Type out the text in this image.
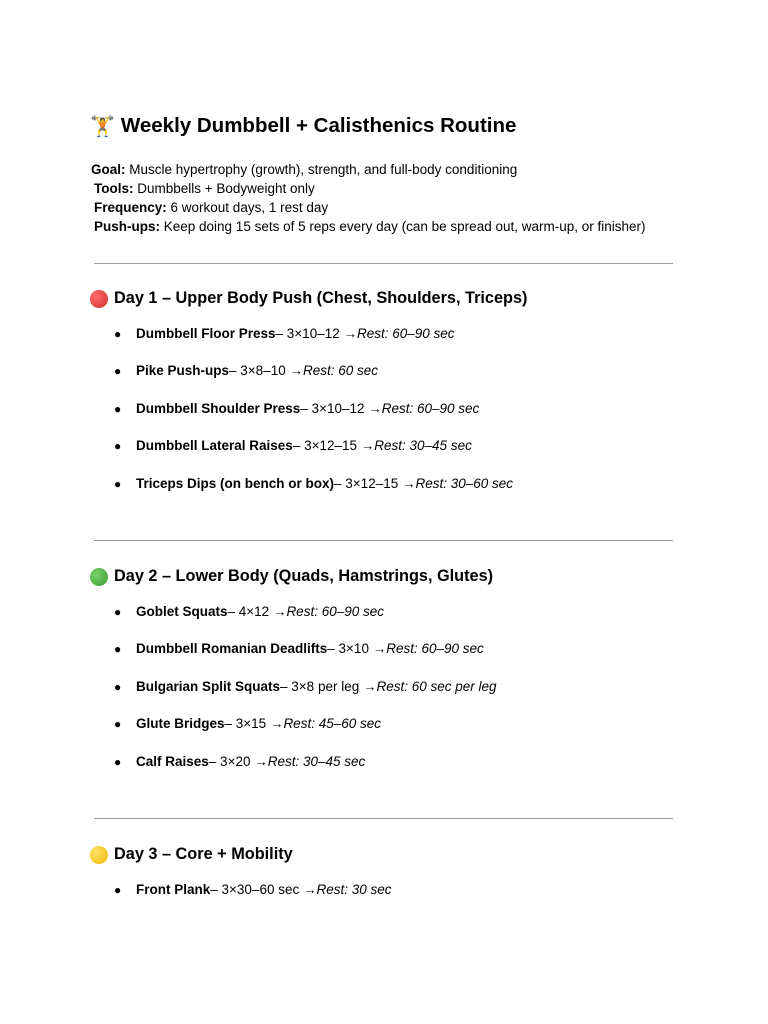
🏋️ Weekly Dumbbell + Calisthenics Routine
Goal: Muscle hypertrophy (growth), strength, and full-body conditioning
Tools: Dumbbells + Bodyweight only
Frequency: 6 workout days, 1 rest day
Push-ups: Keep doing 15 sets of 5 reps every day (can be spread out, warm-up, or finisher)
Day 1 – Upper Body Push (Chest, Shoulders, Triceps)
●	Dumbbell Floor Press – 3×10–12 → Rest: 60–90 sec
●	Pike Push-ups – 3×8–10 → Rest: 60 sec
●	Dumbbell Shoulder Press – 3×10–12 → Rest: 60–90 sec
●	Dumbbell Lateral Raises – 3×12–15 → Rest: 30–45 sec
●	Triceps Dips (on bench or box) – 3×12–15 → Rest: 30–60 sec
Day 2 – Lower Body (Quads, Hamstrings, Glutes)
●	Goblet Squats – 4×12 → Rest: 60–90 sec
●	Dumbbell Romanian Deadlifts – 3×10 → Rest: 60–90 sec
●	Bulgarian Split Squats – 3×8 per leg → Rest: 60 sec per leg
●	Glute Bridges – 3×15 → Rest: 45–60 sec
●	Calf Raises – 3×20 → Rest: 30–45 sec
Day 3 – Core + Mobility
●	Front Plank – 3×30–60 sec → Rest: 30 sec
